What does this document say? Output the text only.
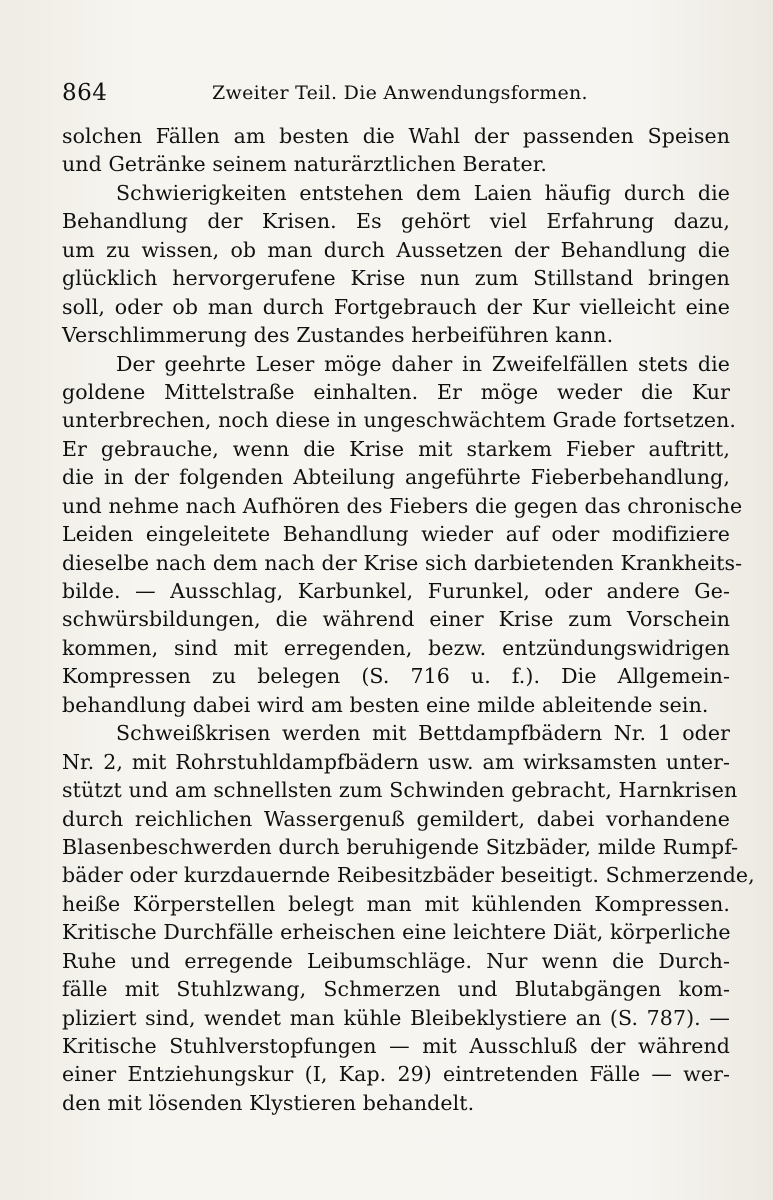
864	Zweiter Teil. Die Anwendungsformen.
solchen Fällen am besten die Wahl der passenden Speisen
und Getränke seinem naturärztlichen Berater.
Schwierigkeiten entstehen dem Laien häufig durch die
Behandlung der Krisen. Es gehört viel Erfahrung dazu,
um zu wissen, ob man durch Aussetzen der Behandlung die
glücklich hervorgerufene Krise nun zum Stillstand bringen
soll, oder ob man durch Fortgebrauch der Kur vielleicht eine
Verschlimmerung des Zustandes herbeiführen kann.
Der geehrte Leser möge daher in Zweifelfällen stets die
goldene Mittelstraße einhalten. Er möge weder die Kur
unterbrechen, noch diese in ungeschwächtem Grade fortsetzen.
Er gebrauche, wenn die Krise mit starkem Fieber auftritt,
die in der folgenden Abteilung angeführte Fieberbehandlung,
und nehme nach Aufhören des Fiebers die gegen das chronische
Leiden eingeleitete Behandlung wieder auf oder modifiziere
dieselbe nach dem nach der Krise sich darbietenden Krankheits-
bilde. — Ausschlag, Karbunkel, Furunkel, oder andere Ge-
schwürsbildungen, die während einer Krise zum Vorschein
kommen, sind mit erregenden, bezw. entzündungswidrigen
Kompressen zu belegen (S. 716 u. f.). Die Allgemein-
behandlung dabei wird am besten eine milde ableitende sein.
Schweißkrisen werden mit Bettdampfbädern Nr. 1 oder
Nr. 2, mit Rohrstuhldampfbädern usw. am wirksamsten unter-
stützt und am schnellsten zum Schwinden gebracht, Harnkrisen
durch reichlichen Wassergenuß gemildert, dabei vorhandene
Blasenbeschwerden durch beruhigende Sitzbäder, milde Rumpf-
bäder oder kurzdauernde Reibesitzbäder beseitigt. Schmerzende,
heiße Körperstellen belegt man mit kühlenden Kompressen.
Kritische Durchfälle erheischen eine leichtere Diät, körperliche
Ruhe und erregende Leibumschläge. Nur wenn die Durch-
fälle mit Stuhlzwang, Schmerzen und Blutabgängen kom-
pliziert sind, wendet man kühle Bleibeklystiere an (S. 787). —
Kritische Stuhlverstopfungen — mit Ausschluß der während
einer Entziehungskur (I, Kap. 29) eintretenden Fälle — wer-
den mit lösenden Klystieren behandelt.
